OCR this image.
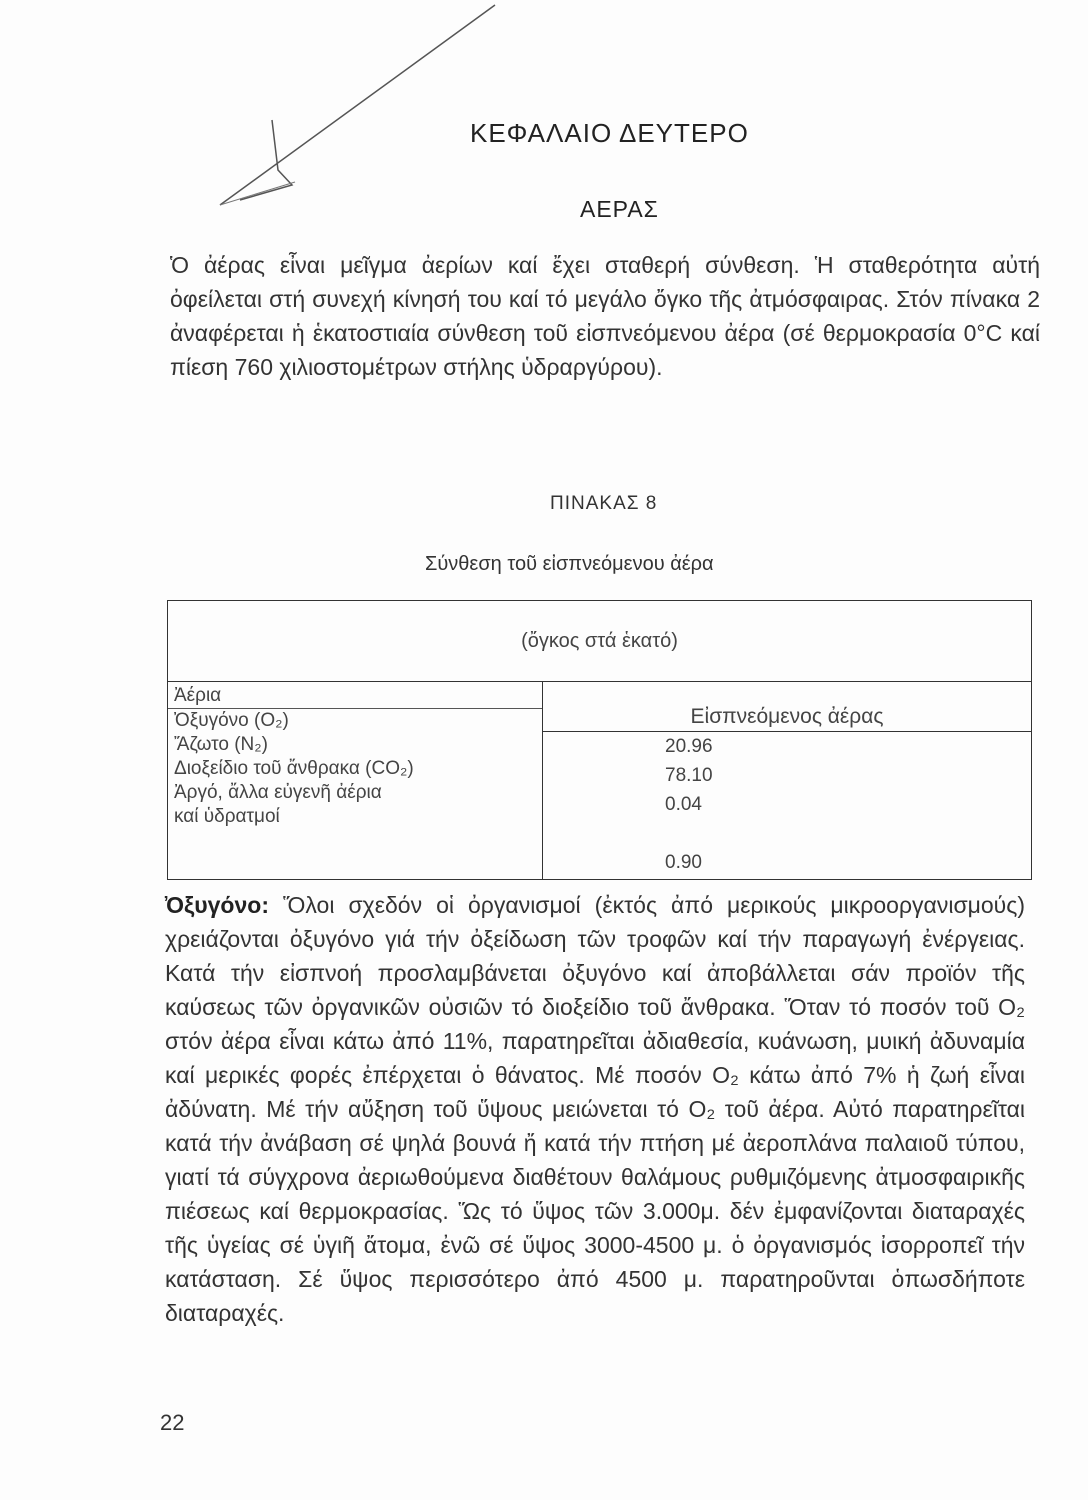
ΚΕΦΑΛΑΙΟ ΔΕΥΤΕΡΟ
ΑΕΡΑΣ
Ὁ ἀέρας εἶναι μεῖγμα ἀερίων καί ἔχει σταθερή σύνθεση. Ἡ σταθερότητα αὐτή ὀφείλεται στή συνεχή κίνησή του καί τό μεγάλο ὄγκο τῆς ἀτμόσφαιρας. Στόν πίνακα 2 ἀναφέρεται ἡ ἑκατοστιαία σύνθεση τοῦ εἰσπνεόμενου ἀέρα (σέ θερμοκρασία 0°C καί πίεση 760 χιλιοστομέτρων στήλης ὑδραργύρου).
ΠΙΝΑΚΑΣ 8
Σύνθεση τοῦ εἰσπνεόμενου ἀέρα
(ὄγκος στά ἑκατό)
Ἀέρια
Ὀξυγόνο (O₂)
Ἄζωτο (N₂)
Διοξείδιο τοῦ ἄνθρακα (CO₂)
Ἀργό, ἄλλα εὐγενῆ ἀέρια
καί ὑδρατμοί
Εἰσπνεόμενος ἀέρας
20.96
78.10
0.04
0.90
Ὀξυγόνο: Ὅλοι σχεδόν οἱ ὀργανισμοί (ἐκτός ἀπό μερικούς μικροοργανισμούς) χρειάζονται ὀξυγόνο γιά τήν ὀξείδωση τῶν τροφῶν καί τήν παραγωγή ἐνέργειας. Κατά τήν εἰσπνοή προσλαμβάνεται ὀξυγόνο καί ἀποβάλλεται σάν προϊόν τῆς καύσεως τῶν ὀργανικῶν οὐσιῶν τό διοξείδιο τοῦ ἄνθρακα. Ὅταν τό ποσόν τοῦ O₂ στόν ἀέρα εἶναι κάτω ἀπό 11%, παρατηρεῖται ἀδιαθεσία, κυάνωση, μυική ἀδυναμία καί μερικές φορές ἐπέρχεται ὁ θάνατος. Μέ ποσόν O₂ κάτω ἀπό 7% ἡ ζωή εἶναι ἀδύνατη. Μέ τήν αὔξηση τοῦ ὕψους μειώνεται τό O₂ τοῦ ἀέρα. Αὐτό παρατηρεῖται κατά τήν ἀνάβαση σέ ψηλά βουνά ἤ κατά τήν πτήση μέ ἀεροπλάνα παλαιοῦ τύπου, γιατί τά σύγχρονα ἀεριωθούμενα διαθέτουν θαλάμους ρυθμιζόμενης ἀτμοσφαιρικῆς πιέσεως καί θερμοκρασίας. Ὥς τό ὕψος τῶν 3.000μ. δέν ἐμφανίζονται διαταραχές τῆς ὑγείας σέ ὑγιῆ ἄτομα, ἐνῶ σέ ὕψος 3000-4500 μ. ὁ ὀργανισμός ἰσορροπεῖ τήν κατάσταση. Σέ ὕψος περισσότερο ἀπό 4500 μ. παρατηροῦνται ὁπωσδήποτε διαταραχές.
22
